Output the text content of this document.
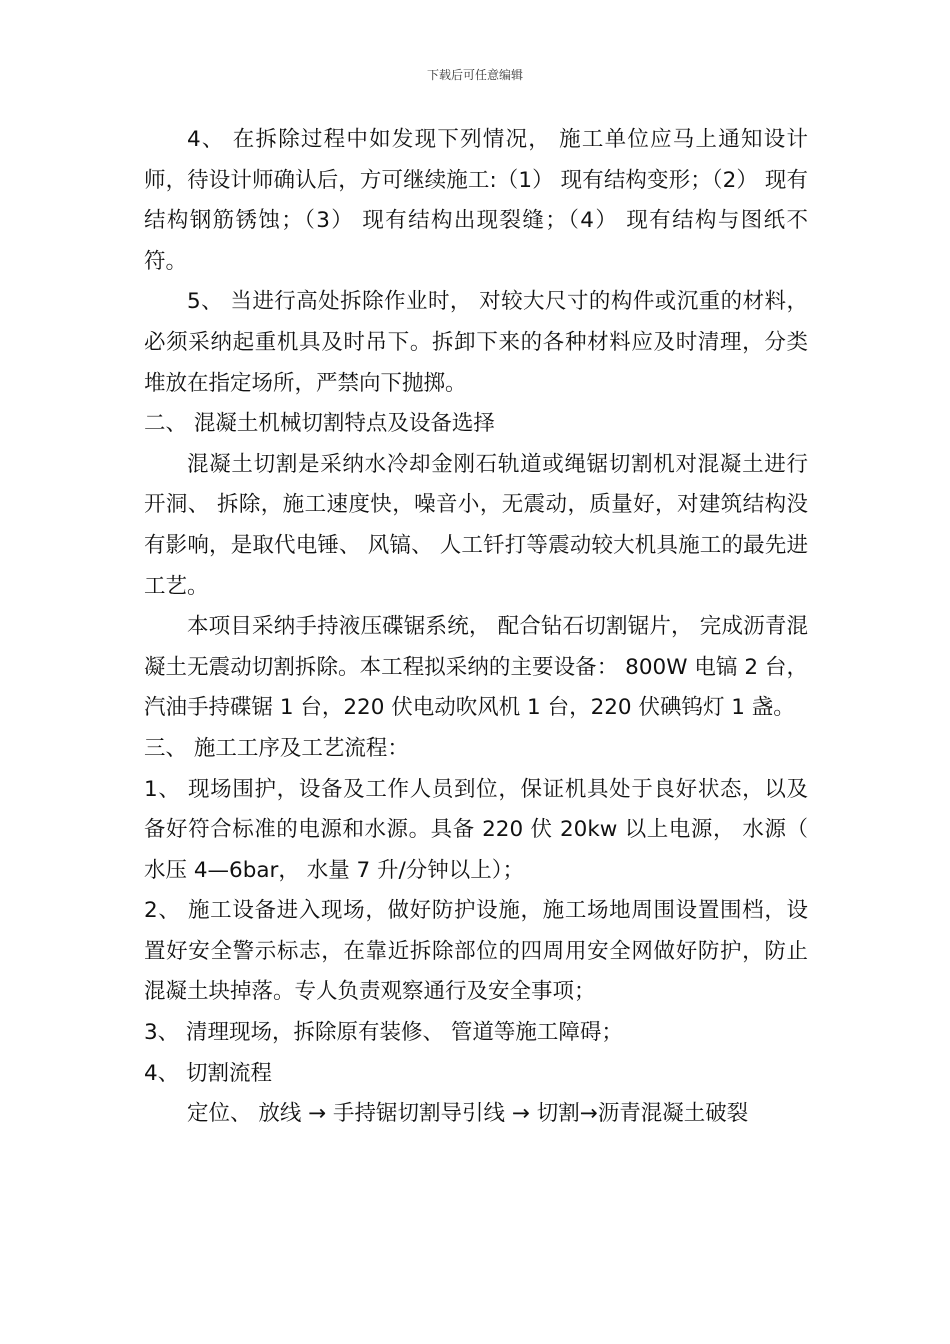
下载后可任意编辑

4、 在拆除过程中如发现下列情况， 施工单位应马上通知设计师，待设计师确认后，方可继续施工:（1） 现有结构变形；（2） 现有结构钢筋锈蚀；（3） 现有结构出现裂缝；（4） 现有结构与图纸不符。

5、 当进行高处拆除作业时， 对较大尺寸的构件或沉重的材料， 必须采纳起重机具及时吊下。拆卸下来的各种材料应及时清理，分类堆放在指定场所，严禁向下抛掷。

二、 混凝土机械切割特点及设备选择

混凝土切割是采纳水冷却金刚石轨道或绳锯切割机对混凝土进行开洞、 拆除，施工速度快，噪音小，无震动，质量好，对建筑结构没有影响，是取代电锤、 风镐、 人工钎打等震动较大机具施工的最先进工艺。

本项目采纳手持液压碟锯系统， 配合钻石切割锯片， 完成沥青混凝土无震动切割拆除。本工程拟采纳的主要设备： 800W 电镐 2 台，汽油手持碟锯 1 台，220 伏电动吹风机 1 台，220 伏碘钨灯 1 盏。

三、 施工工序及工艺流程：

1、 现场围护，设备及工作人员到位，保证机具处于良好状态，以及备好符合标准的电源和水源。具备 220 伏 20kw 以上电源， 水源（ 水压 4—6bar， 水量 7 升/分钟以上）；

2、 施工设备进入现场，做好防护设施，施工场地周围设置围档，设置好安全警示标志，在靠近拆除部位的四周用安全网做好防护，防止混凝土块掉落。专人负责观察通行及安全事项；

3、 清理现场，拆除原有装修、 管道等施工障碍；

4、 切割流程

定位、 放线 → 手持锯切割导引线 → 切割→沥青混凝土破裂
